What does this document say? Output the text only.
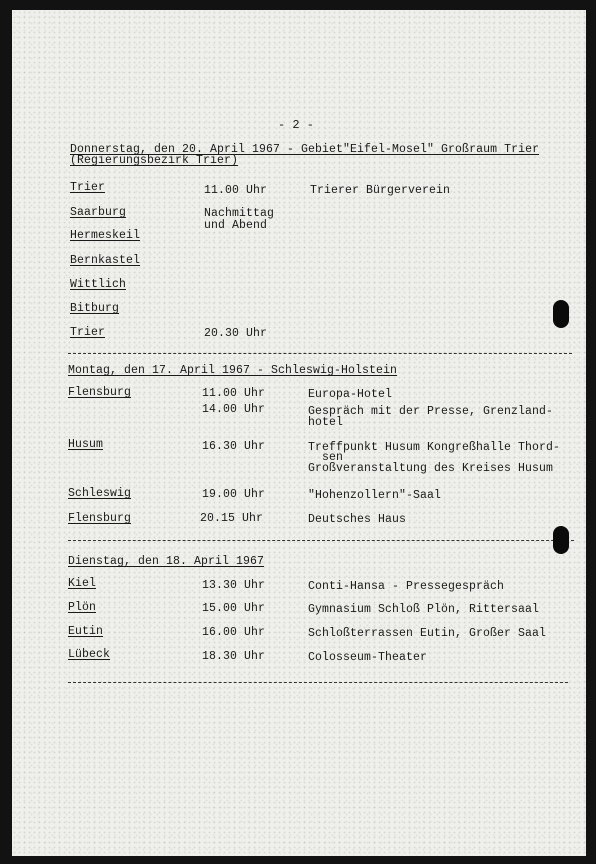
- 2 -
Donnerstag, den 20. April 1967 - Gebiet"Eifel-Mosel" Großraum Trier
(Regierungsbezirk Trier)
Trier	11.00 Uhr	Trierer Bürgerverein
Saarburg	Nachmittag
und Abend
Hermeskeil
Bernkastel
Wittlich
Bitburg
Trier	20.30 Uhr
Montag, den 17. April 1967 - Schleswig-Holstein
Flensburg	11.00 Uhr	Europa-Hotel
14.00 Uhr	Gespräch mit der Presse, Grenzland-
hotel
Husum	16.30 Uhr	Treffpunkt Husum Kongreßhalle Thord-
sen
Großveranstaltung des Kreises Husum
Schleswig	19.00 Uhr	"Hohenzollern"-Saal
Flensburg	20.15 Uhr	Deutsches Haus
Dienstag, den 18. April 1967
Kiel	13.30 Uhr	Conti-Hansa - Pressegespräch
Plön	15.00 Uhr	Gymnasium Schloß Plön, Rittersaal
Eutin	16.00 Uhr	Schloßterrassen Eutin, Großer Saal
Lübeck	18.30 Uhr	Colosseum-Theater
